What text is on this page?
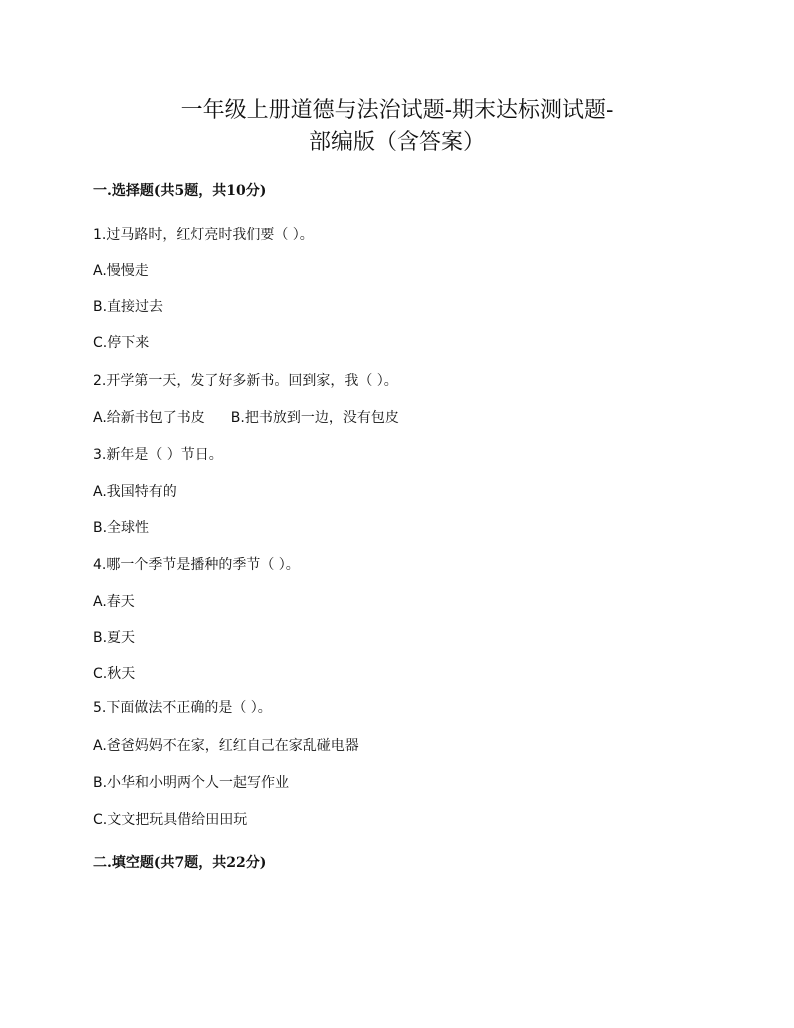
一年级上册道德与法治试题-期末达标测试题-
部编版（含答案）
一.选择题(共5题，共10分)
1.过马路时，红灯亮时我们要（ ）。
A.慢慢走
B.直接过去
C.停下来
2.开学第一天，发了好多新书。回到家，我（ ）。
A.给新书包了书皮 B.把书放到一边，没有包皮
3.新年是（ ）节日。
A.我国特有的
B.全球性
4.哪一个季节是播种的季节（ ）。
A.春天
B.夏天
C.秋天
5.下面做法不正确的是（ ）。
A.爸爸妈妈不在家，红红自己在家乱碰电器
B.小华和小明两个人一起写作业
C.文文把玩具借给田田玩
二.填空题(共7题，共22分)
